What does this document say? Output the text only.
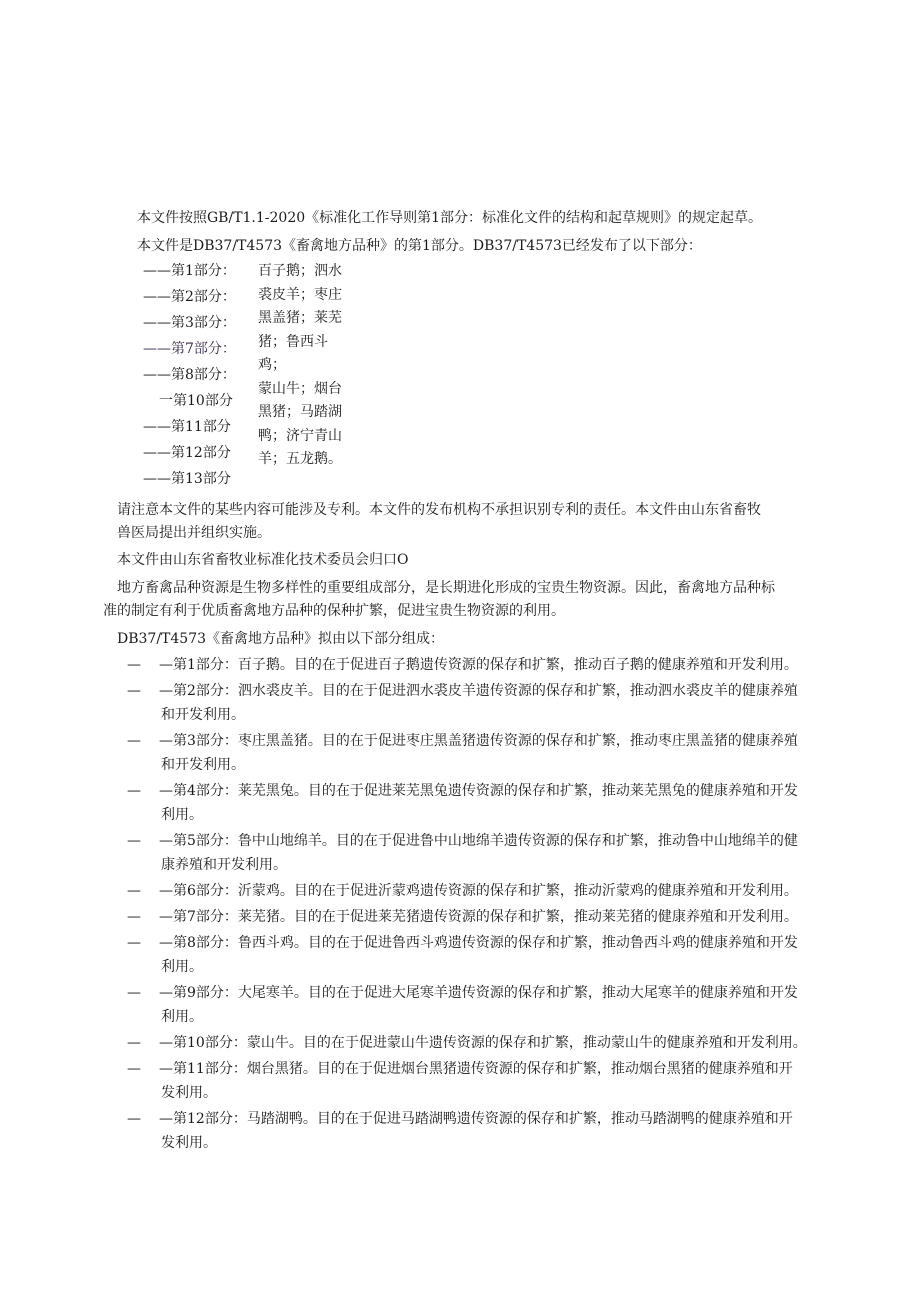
本文件按照GB/T1.1-2020《标准化工作导则第1部分：标准化文件的结构和起草规则》的规定起草。
本文件是DB37/T4573《畜禽地方品种》的第1部分。DB37/T4573已经发布了以下部分：
——第1部分：
——第2部分：
——第3部分：
——第7部分：
——第8部分：
一第10部分
——第11部分
——第12部分
——第13部分
百子鹅；泗水
裘皮羊；枣庄
黑盖猪；莱芜
猪；鲁西斗
鸡；
蒙山牛；烟台
黑猪；马踏湖
鸭；济宁青山
羊；五龙鹅。
请注意本文件的某些内容可能涉及专利。本文件的发布机构不承担识别专利的责任。本文件由山东省畜牧
兽医局提出并组织实施。
本文件由山东省畜牧业标准化技术委员会归口O
地方畜禽品种资源是生物多样性的重要组成部分，是长期进化形成的宝贵生物资源。因此，畜禽地方品种标
准的制定有利于优质畜禽地方品种的保种扩繁，促进宝贵生物资源的利用。
DB37/T4573《畜禽地方品种》拟由以下部分组成：
— —第1部分：百子鹅。目的在于促进百子鹅遗传资源的保存和扩繁，推动百子鹅的健康养殖和开发利用。
— —第2部分：泗水裘皮羊。目的在于促进泗水裘皮羊遗传资源的保存和扩繁，推动泗水裘皮羊的健康养殖
和开发利用。
— —第3部分：枣庄黑盖猪。目的在于促进枣庄黑盖猪遗传资源的保存和扩繁，推动枣庄黑盖猪的健康养殖
和开发利用。
— —第4部分：莱芜黑兔。目的在于促进莱芜黑兔遗传资源的保存和扩繁，推动莱芜黑兔的健康养殖和开发
利用。
— —第5部分：鲁中山地绵羊。目的在于促进鲁中山地绵羊遗传资源的保存和扩繁，推动鲁中山地绵羊的健
康养殖和开发利用。
— —第6部分：沂蒙鸡。目的在于促进沂蒙鸡遗传资源的保存和扩繁，推动沂蒙鸡的健康养殖和开发利用。
— —第7部分：莱芜猪。目的在于促进莱芜猪遗传资源的保存和扩繁，推动莱芜猪的健康养殖和开发利用。
— —第8部分：鲁西斗鸡。目的在于促进鲁西斗鸡遗传资源的保存和扩繁，推动鲁西斗鸡的健康养殖和开发
利用。
— —第9部分：大尾寒羊。目的在于促进大尾寒羊遗传资源的保存和扩繁，推动大尾寒羊的健康养殖和开发
利用。
— —第10部分：蒙山牛。目的在于促进蒙山牛遗传资源的保存和扩繁，推动蒙山牛的健康养殖和开发利用。
— —第11部分：烟台黑猪。目的在于促进烟台黑猪遗传资源的保存和扩繁，推动烟台黑猪的健康养殖和开
发利用。
— —第12部分：马踏湖鸭。目的在于促进马踏湖鸭遗传资源的保存和扩繁，推动马踏湖鸭的健康养殖和开
发利用。
